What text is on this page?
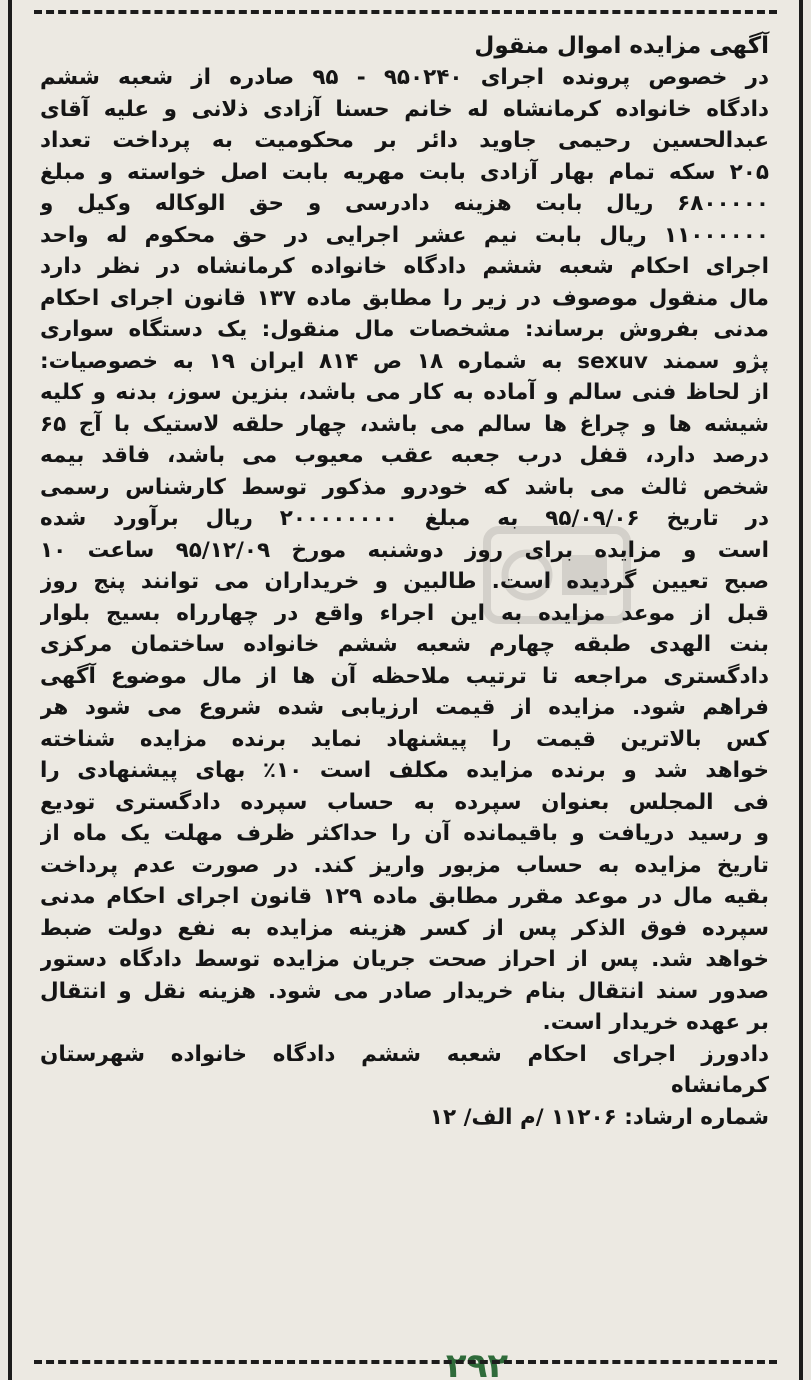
آگهی مزایده اموال منقول
در خصوص پرونده اجرا‌ی ۹۵۰۲۴۰ - ۹۵ صادره از شعبه ششم
دادگاه خانواده کرمانشاه له خانم حسنا آزادی ذلانی و علیه آقای
عبدالحسین رحیمی جاوید دائر بر محکومیت به پرداخت تعداد
۲۰۵ سکه تمام بهار آزادی بابت مهریه بابت اصل خواسته و مبلغ
۶۸۰۰۰۰۰ ریال بابت هزینه دادرسی و حق الوکاله وکیل و
۱۱۰۰۰۰۰۰ ریال بابت نیم عشر اجرایی در حق محکوم له واحد
اجرای احکام شعبه ششم دادگاه خانواده کرمانشاه در نظر دارد
مال منقول موصوف در زیر را مطابق ماده ۱۳۷ قانون اجرای احکام
مدنی بفروش برساند: مشخصات مال منقول: یک دستگاه سواری
پژو سمند sexuv به شماره ۱۸ ص ۸۱۴ ایران ۱۹ به خصوصیات:
از لحاظ فنی سالم و آماده به کار می باشد، بنزین سوز، بدنه و کلیه
شیشه ها و چراغ ها سالم می باشد، چهار حلقه لاستیک با آج ۶۵
درصد دارد، قفل درب جعبه عقب معیوب می باشد، فاقد بیمه
شخص ثالث می باشد که خودرو مذکور توسط کارشناس رسمی
در تاریخ ۹۵/۰۹/۰۶ به مبلغ ۲۰۰۰۰۰۰۰۰ ریال برآورد شده
است و مزایده برای روز دوشنبه مورخ ۹۵/۱۲/۰۹ ساعت ۱۰
صبح تعیین گردیده است. طالبین و خریداران می توانند پنج روز
قبل از موعد مزایده به این اجراء واقع در چهارراه بسیج بلوار
بنت الهدی طبقه چهارم شعبه ششم خانواده ساختمان مرکزی
دادگستری مراجعه تا ترتیب ملاحظه آن ها از مال موضوع آگهی
فراهم شود. مزایده از قیمت ارزیابی شده شروع می شود هر
کس بالاترین قیمت را پیشنهاد نماید برنده مزایده شناخته
خواهد شد و برنده مزایده مکلف است ۱۰٪ بهای پیشنهادی را
فی المجلس بعنوان سپرده به حساب سپرده دادگستری تودیع
و رسید دریافت و باقیمانده آن را حداکثر ظرف مهلت یک ماه از
تاریخ مزایده به حساب مزبور واریز کند. در صورت عدم پرداخت
بقیه مال در موعد مقرر مطابق ماده ۱۲۹ قانون اجرای احکام مدنی
سپرده فوق الذکر پس از کسر هزینه مزایده به نفع دولت ضبط
خواهد شد. پس از احراز صحت جریان مزایده توسط دادگاه دستور
صدور سند انتقال بنام خریدار صادر می شود. هزینه نقل و انتقال
بر عهده خریدار است.
دادورز اجرای احکام شعبه ششم دادگاه خانواده شهرستان
کرمانشاه
شماره ارشاد: ۱۱۲۰۶ /م الف/ ۱۲
۲۹۲
